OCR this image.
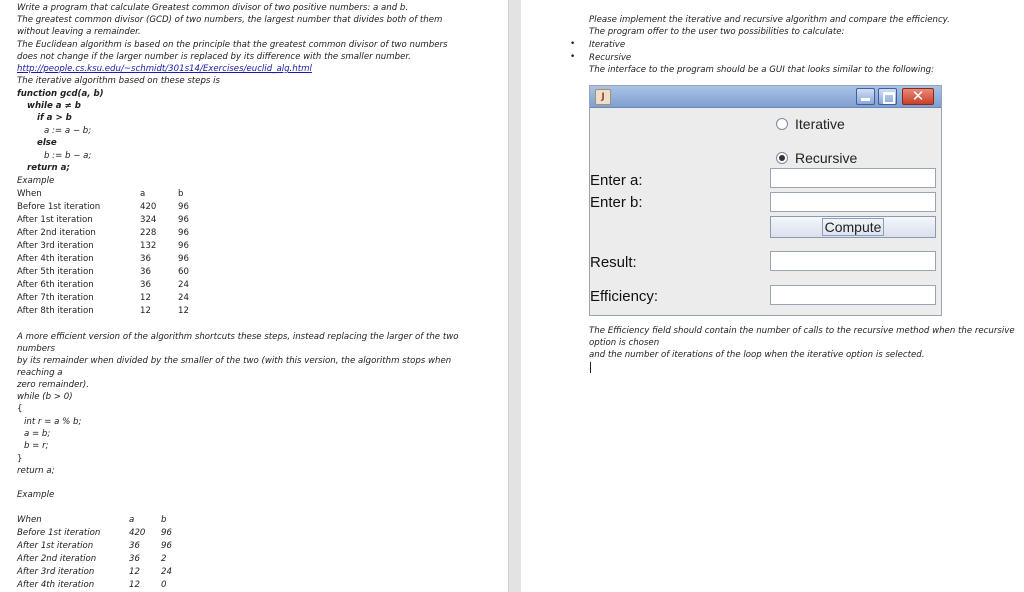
Write a program that calculate Greatest common divisor of two positive numbers: a and b.
The greatest common divisor (GCD) of two numbers, the largest number that divides both of them
without leaving a remainder.
The Euclidean algorithm is based on the principle that the greatest common divisor of two numbers
does not change if the larger number is replaced by its difference with the smaller number.
http://people.cs.ksu.edu/~schmidt/301s14/Exercises/euclid_alg.html
The iterative algorithm based on these steps is
function gcd(a, b)
while a ≠ b
if a > b
a := a − b;
else
b := b − a;
return a;
Example
When	a	b
Before 1st iteration	420	96
After 1st iteration	324	96
After 2nd iteration	228	96
After 3rd iteration	132	96
After 4th iteration	36	96
After 5th iteration	36	60
After 6th iteration	36	24
After 7th iteration	12	24
After 8th iteration	12	12
A more efficient version of the algorithm shortcuts these steps, instead replacing the larger of the two
numbers
by its remainder when divided by the smaller of the two (with this version, the algorithm stops when
reaching a
zero remainder).
while (b > 0)
{
int r = a % b;
a = b;
b = r;
}
return a;
Example
When	a	b
Before 1st iteration	420 96
After 1st iteration	36 96
After 2nd iteration	36 2
After 3rd iteration	12 24
After 4th iteration	12 0
Please implement the iterative and recursive algorithm and compare the efficiency.
The program offer to the user two possibilities to calculate:
• Iterative
• Recursive
The interface to the program should be a GUI that looks similar to the following:
The Efficiency field should contain the number of calls to the recursive method when the recursive
option is chosen
and the number of iterations of the loop when the iterative option is selected.
J	✕
Iterative
Recursive
Enter a:
Enter b:
Compute
Result:
Efficiency:
